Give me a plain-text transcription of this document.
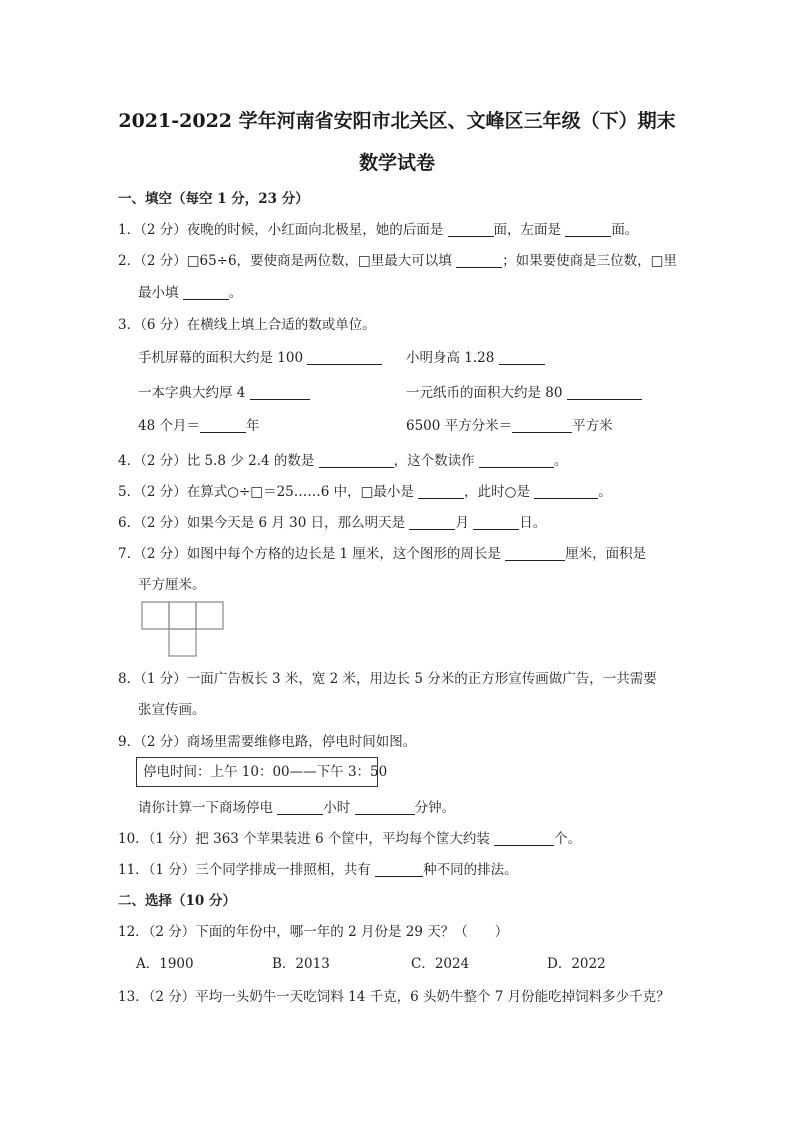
2021-2022 学年河南省安阳市北关区、文峰区三年级（下）期末
数学试卷
一、填空（每空 1 分，23 分）
1．（2 分）夜晚的时候，小红面向北极星，她的后面是	面，左面是	面。
2．（2 分）□65÷6，要使商是两位数，□里最大可以填	；如果要使商是三位数，□里
最小填	。
3．（6 分）在横线上填上合适的数或单位。
手机屏幕的面积大约是 100	小明身高 1.28
一本字典大约厚 4	一元纸币的面积大约是 80
48 个月＝	年	6500 平方分米＝	平方米
4．（2 分）比 5.8 少 2.4 的数是	，这个数读作	。
5．（2 分）在算式○÷□＝25……6 中，□最小是	，此时○是	。
6．（2 分）如果今天是 6 月 30 日，那么明天是	月	日。
7．（2 分）如图中每个方格的边长是 1 厘米，这个图形的周长是	厘米，面积是
平方厘米。
8．（1 分）一面广告板长 3 米，宽 2 米，用边长 5 分米的正方形宣传画做广告，一共需要
张宣传画。
9．（2 分）商场里需要维修电路，停电时间如图。
停电时间：上午 10：00——下午 3：50
请你计算一下商场停电	小时	分钟。
10．（1 分）把 363 个苹果装进 6 个筐中，平均每个筐大约装	个。
11．（1 分）三个同学排成一排照相，共有	种不同的排法。
二、选择（10 分）
12．（2 分）下面的年份中，哪一年的 2 月份是 29 天？（　　）
A．1900	B．2013	C．2024	D．2022
13．（2 分）平均一头奶牛一天吃饲料 14 千克，6 头奶牛整个 7 月份能吃掉饲料多少千克？
